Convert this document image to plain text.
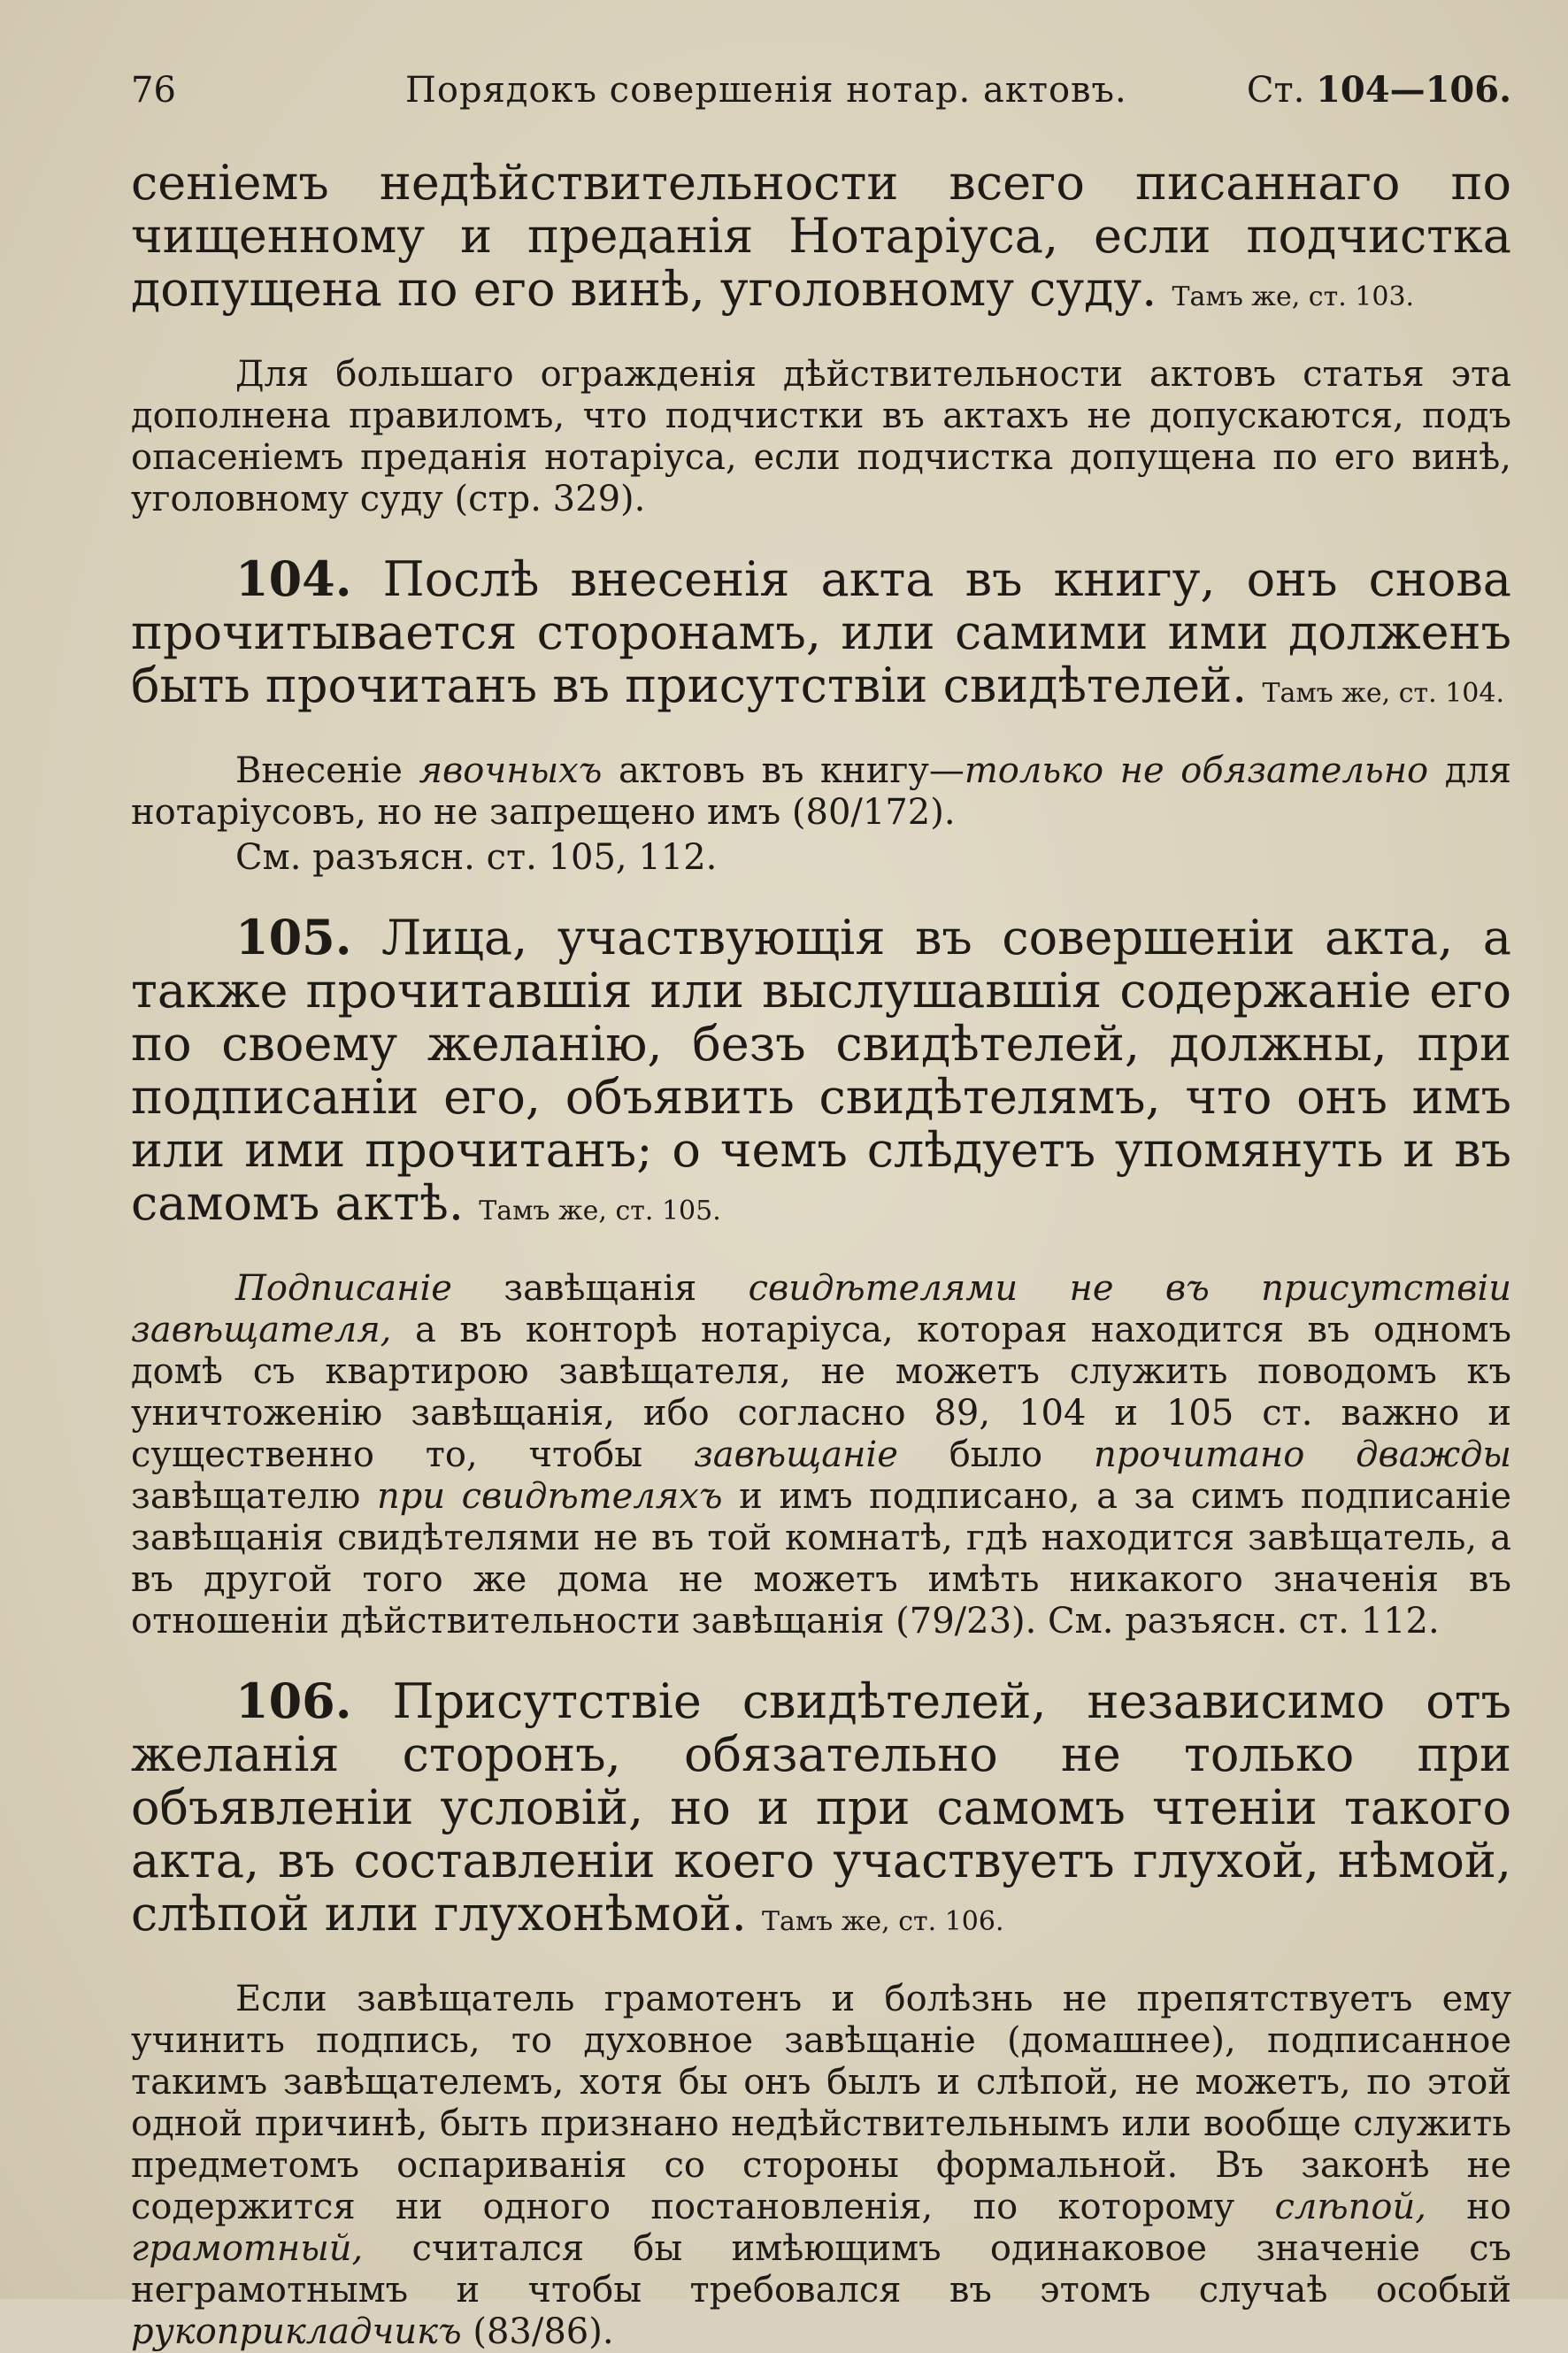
76	Порядокъ совершенія нотар. актовъ.	Ст. 104—106.

сеніемъ недѣйствительности всего писаннаго по чищенному и преданія Нотаріуса, если подчистка допущена по его винѣ, уголовному суду. Тамъ же, ст. 103.

Для большаго огражденія дѣйствительности актовъ статья эта дополнена правиломъ, что подчистки въ актахъ не допускаются, подъ опасеніемъ преданія нотаріуса, если подчистка допущена по его винѣ, уголовному суду (стр. 329).

104. Послѣ внесенія акта въ книгу, онъ снова прочитывается сторонамъ, или самими ими долженъ быть прочитанъ въ присутствіи свидѣтелей. Тамъ же, ст. 104.

Внесеніе явочныхъ актовъ въ книгу—только не обязательно для нотаріусовъ, но не запрещено имъ (80/172).

См. разъясн. ст. 105, 112.

105. Лица, участвующія въ совершеніи акта, а также прочитавшія или выслушавшія содержаніе его по своему желанію, безъ свидѣтелей, должны, при подписаніи его, объявить свидѣтелямъ, что онъ имъ или ими прочитанъ; о чемъ слѣдуетъ упомянуть и въ самомъ актѣ. Тамъ же, ст. 105.

Подписаніе завѣщанія свидѣтелями не въ присутствіи завѣщателя, а въ конторѣ нотаріуса, которая находится въ одномъ домѣ съ квартирою завѣщателя, не можетъ служить поводомъ къ уничтоженію завѣщанія, ибо согласно 89, 104 и 105 ст. важно и существенно то, чтобы завѣщаніе было прочитано дважды завѣщателю при свидѣтеляхъ и имъ подписано, а за симъ подписаніе завѣщанія свидѣтелями не въ той комнатѣ, гдѣ находится завѣщатель, а въ другой того же дома не можетъ имѣть никакого значенія въ отношеніи дѣйствительности завѣщанія (79/23). См. разъясн. ст. 112.

106. Присутствіе свидѣтелей, независимо отъ желанія сторонъ, обязательно не только при объявленіи условій, но и при самомъ чтеніи такого акта, въ составленіи коего участвуетъ глухой, нѣмой, слѣпой или глухонѣмой. Тамъ же, ст. 106.

Если завѣщатель грамотенъ и болѣзнь не препятствуетъ ему учинить подпись, то духовное завѣщаніе (домашнее), подписанное такимъ завѣщателемъ, хотя бы онъ былъ и слѣпой, не можетъ, по этой одной причинѣ, быть признано недѣйствительнымъ или вообще служить предметомъ оспариванія со стороны формальной. Въ законѣ не содержится ни одного постановленія, по которому слѣпой, но грамотный, считался бы имѣющимъ одинаковое значеніе съ неграмотнымъ и чтобы требовался въ этомъ случаѣ особый рукоприкладчикъ (83/86).
